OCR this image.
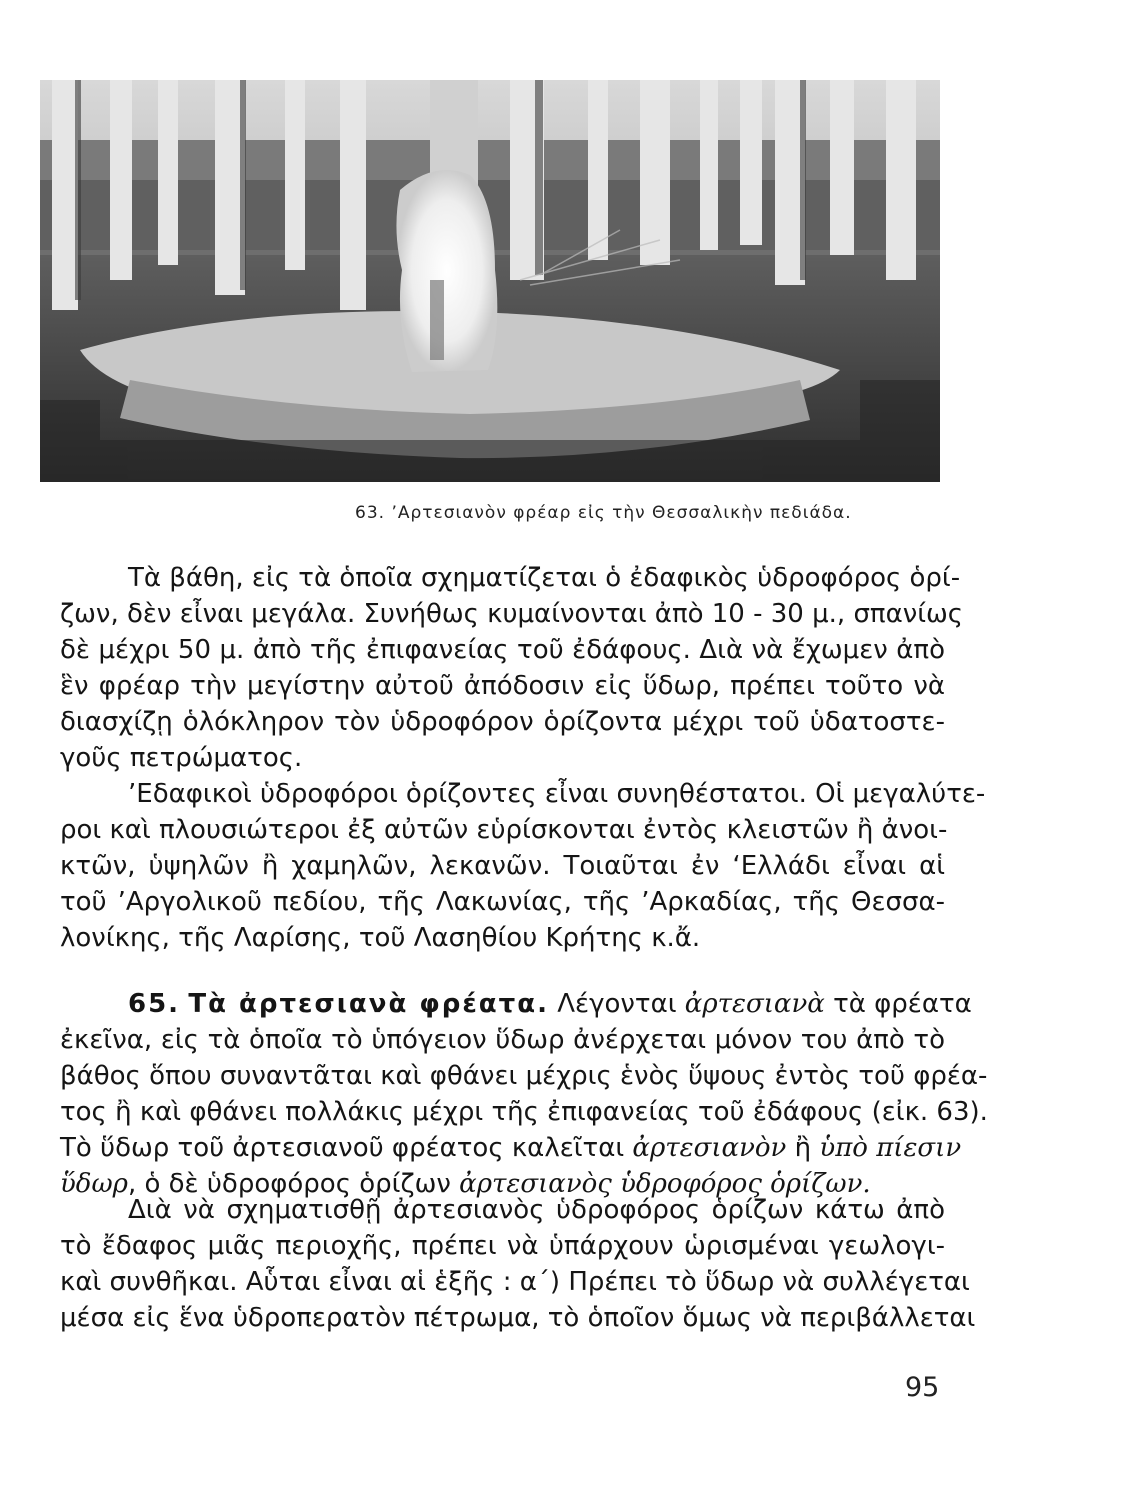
63. ’Αρτεσιανὸν φρέαρ εἰς τὴν Θεσσαλικὴν πεδιάδα.
Τὰ βάθη, εἰς τὰ ὁποῖα σχηματίζεται ὁ ἐδαφικὸς ὑδροφόρος ὁρί-
ζων, δὲν εἶναι μεγάλα. Συνήθως κυμαίνονται ἀπὸ 10 - 30 μ., σπανίως
δὲ μέχρι 50 μ. ἀπὸ τῆς ἐπιφανείας τοῦ ἐδάφους. Διὰ νὰ ἔχωμεν ἀπὸ
ἓν φρέαρ τὴν μεγίστην αὐτοῦ ἀπόδοσιν εἰς ὕδωρ, πρέπει τοῦτο νὰ
διασχίζῃ ὁλόκληρον τὸν ὑδροφόρον ὁρίζοντα μέχρι τοῦ ὑδατοστε-
γοῦς πετρώματος.
’Εδαφικοὶ ὑδροφόροι ὁρίζοντες εἶναι συνηθέστατοι. Οἱ μεγαλύτε-
ροι καὶ πλουσιώτεροι ἐξ αὐτῶν εὑρίσκονται ἐντὸς κλειστῶν ἢ ἀνοι-
κτῶν, ὑψηλῶν ἢ χαμηλῶν, λεκανῶν. Τοιαῦται ἐν ‘Ελλάδι εἶναι αἱ
τοῦ ’Αργολικοῦ πεδίου, τῆς Λακωνίας, τῆς ’Αρκαδίας, τῆς Θεσσα-
λονίκης, τῆς Λαρίσης, τοῦ Λασηθίου Κρήτης κ.ἄ.
65. Τὰ ἀρτεσιανὰ φρέατα. Λέγονται ἀρτεσιανὰ τὰ φρέατα
ἐκεῖνα, εἰς τὰ ὁποῖα τὸ ὑπόγειον ὕδωρ ἀνέρχεται μόνον του ἀπὸ τὸ
βάθος ὅπου συναντᾶται καὶ φθάνει μέχρις ἑνὸς ὕψους ἐντὸς τοῦ φρέα-
τος ἢ καὶ φθάνει πολλάκις μέχρι τῆς ἐπιφανείας τοῦ ἐδάφους (εἰκ. 63).
Τὸ ὕδωρ τοῦ ἀρτεσιανοῦ φρέατος καλεῖται ἀρτεσιανὸν ἢ ὑπὸ πίεσιν
ὕδωρ, ὁ δὲ ὑδροφόρος ὁρίζων ἀρτεσιανὸς ὑδροφόρος ὁρίζων.
Διὰ νὰ σχηματισθῇ ἀρτεσιανὸς ὑδροφόρος ὁρίζων κάτω ἀπὸ
τὸ ἔδαφος μιᾶς περιοχῆς, πρέπει νὰ ὑπάρχουν ὡρισμέναι γεωλογι-
καὶ συνθῆκαι. Αὗται εἶναι αἱ ἑξῆς : α΄) Πρέπει τὸ ὕδωρ νὰ συλλέγεται
μέσα εἰς ἕνα ὑδροπερατὸν πέτρωμα, τὸ ὁποῖον ὅμως νὰ περιβάλλεται
95
